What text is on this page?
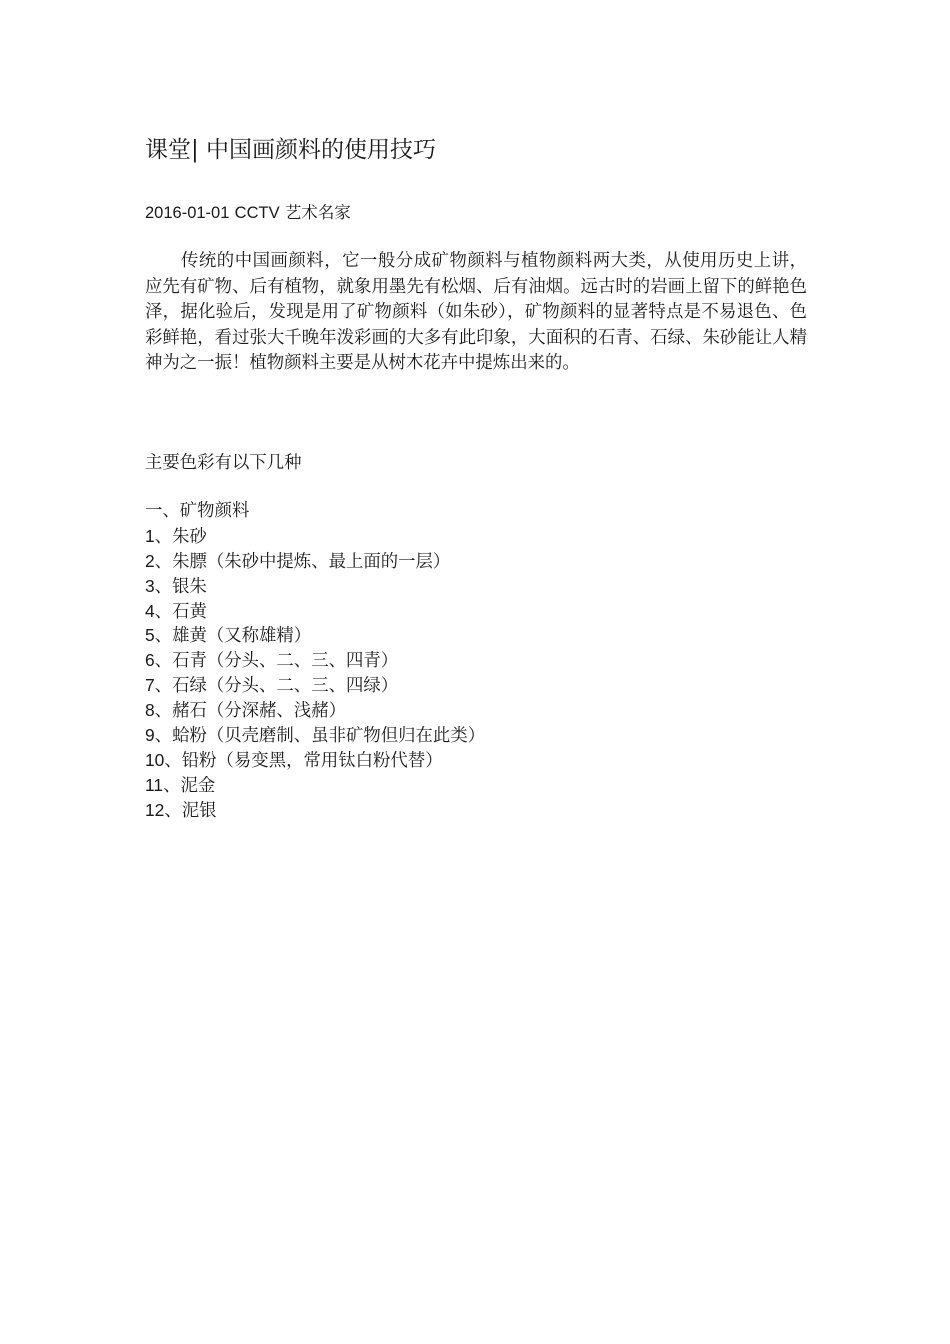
课堂| 中国画颜料的使用技巧
2016-01-01 CCTV 艺术名家

传统的中国画颜料，它一般分成矿物颜料与植物颜料两大类，从使用历史上讲，应先有矿物、后有植物，就象用墨先有松烟、后有油烟。远古时的岩画上留下的鲜艳色泽，据化验后，发现是用了矿物颜料（如朱砂），矿物颜料的显著特点是不易退色、色彩鲜艳，看过张大千晚年泼彩画的大多有此印象，大面积的石青、石绿、朱砂能让人精神为之一振！植物颜料主要是从树木花卉中提炼出来的。

主要色彩有以下几种
一、矿物颜料
1、朱砂
2、朱膘（朱砂中提炼、最上面的一层）
3、银朱
4、石黄
5、雄黄（又称雄精）
6、石青（分头、二、三、四青）
7、石绿（分头、二、三、四绿）
8、赭石（分深赭、浅赭）
9、蛤粉（贝壳磨制、虽非矿物但归在此类）
10、铅粉（易变黑，常用钛白粉代替）
11、泥金
12、泥银
